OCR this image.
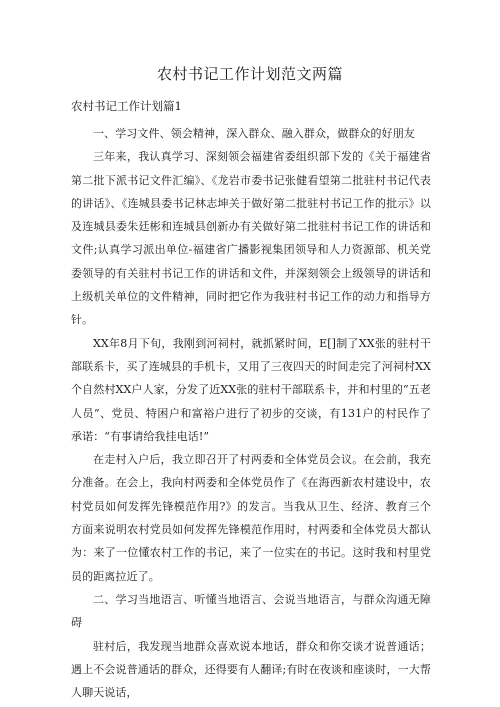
农村书记工作计划范文两篇
农村书记工作计划篇1

一、学习文件、领会精神，深入群众、融入群众，做群众的好朋友

三年来，我认真学习、深刻领会福建省委组织部下发的《关于福建省第二批下派书记文件汇编》、《龙岩市委书记张健看望第二批驻村书记代表的讲话》、《连城县委书记林志坤关于做好第二批驻村书记工作的批示》以及连城县委朱廷彬和连城县创新办有关做好第二批驻村书记工作的讲话和文件;认真学习派出单位-福建省广播影视集团领导和人力资源部、机关党委领导的有关驻村书记工作的讲话和文件，并深刻领会上级领导的讲话和上级机关单位的文件精神，同时把它作为我驻村书记工作的动力和指导方针。

XX年8月下旬，我刚到河祠村，就抓紧时间，E[]制了XX张的驻村干部联系卡，买了连城县的手机卡，又用了三夜四天的时间走完了河祠村XX个自然村XX户人家，分发了近XX张的驻村干部联系卡，并和村里的“五老人员”、党员、特困户和富裕户进行了初步的交谈，有131户的村民作了承诺：“有事请给我挂电话!”

在走村入户后，我立即召开了村两委和全体党员会议。在会前，我充分准备。在会上，我向村两委和全体党员作了《在海西新农村建设中，农村党员如何发挥先锋模范作用?》的发言。当我从卫生、经济、教育三个方面来说明农村党员如何发挥先锋模范作用时，村两委和全体党员大都认为：来了一位懂农村工作的书记，来了一位实在的书记。这时我和村里党员的距离拉近了。

二、学习当地语言、听懂当地语言、会说当地语言，与群众沟通无障碍

驻村后，我发现当地群众喜欢说本地话，群众和你交谈才说普通话；遇上不会说普通话的群众，还得要有人翻译;有时在夜谈和座谈时，一大帮人聊天说话，
